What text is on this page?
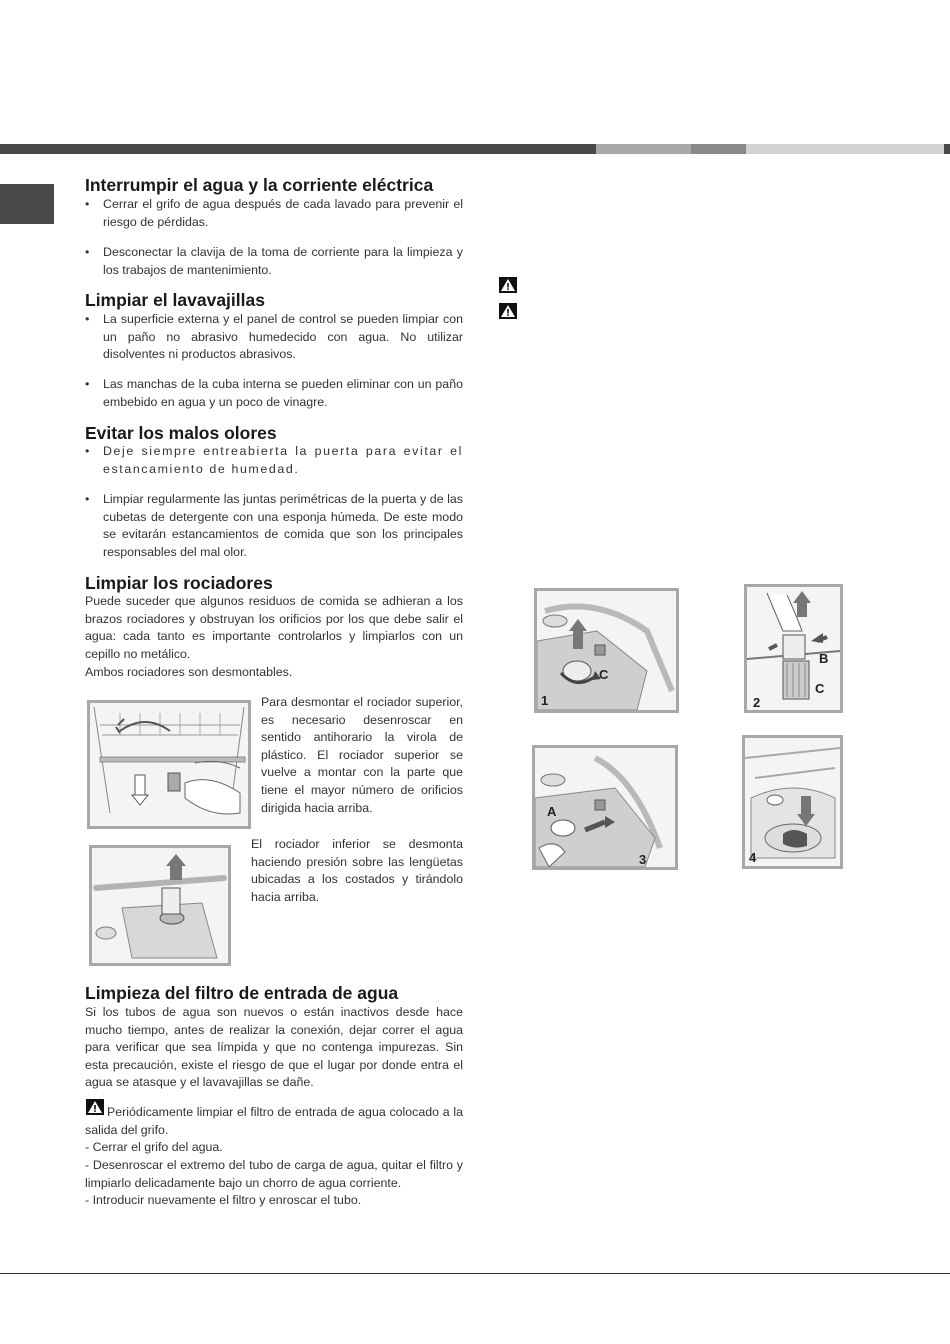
Interrumpir el agua y la corriente eléctrica
• Cerrar el grifo de agua después de cada lavado para prevenir el riesgo de pérdidas.
• Desconectar la clavija de la toma de corriente para la limpieza y los trabajos de mantenimiento.
Limpiar el lavavajillas
• La superficie externa y el panel de control se pueden limpiar con un paño no abrasivo humedecido con agua. No utilizar disolventes ni productos abrasivos.
• Las manchas de la cuba interna se pueden eliminar con un paño embebido en agua y un poco de vinagre.
Evitar los malos olores
• Deje siempre entreabierta la puerta para evitar el estancamiento de humedad.
• Limpiar regularmente las juntas perimétricas de la puerta y de las cubetas de detergente con una esponja húmeda. De este modo se evitarán estancamientos de comida que son los principales responsables del mal olor.
Limpiar los rociadores
Puede suceder que algunos residuos de comida se adhieran a los brazos rociadores y obstruyan los orificios por los que debe salir el agua: cada tanto es importante controlarlos y limpiarlos con un cepillo no metálico.
Ambos rociadores son desmontables.
Para desmontar el rociador superior, es necesario desenroscar en sentido antihorario la virola de plástico. El rociador superior se vuelve a montar con la parte que tiene el mayor número de orificios dirigida hacia arriba.
El rociador inferior se desmonta haciendo presión sobre las lengüetas ubicadas a los costados y tirándolo hacia arriba.
Limpieza del filtro de entrada de agua
Si los tubos de agua son nuevos o están inactivos desde hace mucho tiempo, antes de realizar la conexión, dejar correr el agua para verificar que sea límpida y que no contenga impurezas. Sin esta precaución, existe el riesgo de que el lugar por donde entra el agua se atasque y el lavavajillas se dañe.
Periódicamente limpiar el filtro de entrada de agua colocado a la salida del grifo.
- Cerrar el grifo del agua.
- Desenroscar el extremo del tubo de carga de agua, quitar el filtro y limpiarlo delicadamente bajo un chorro de agua corriente.
- Introducir nuevamente el filtro y enroscar el tubo.
C
1
B
C
2
A
3	4
